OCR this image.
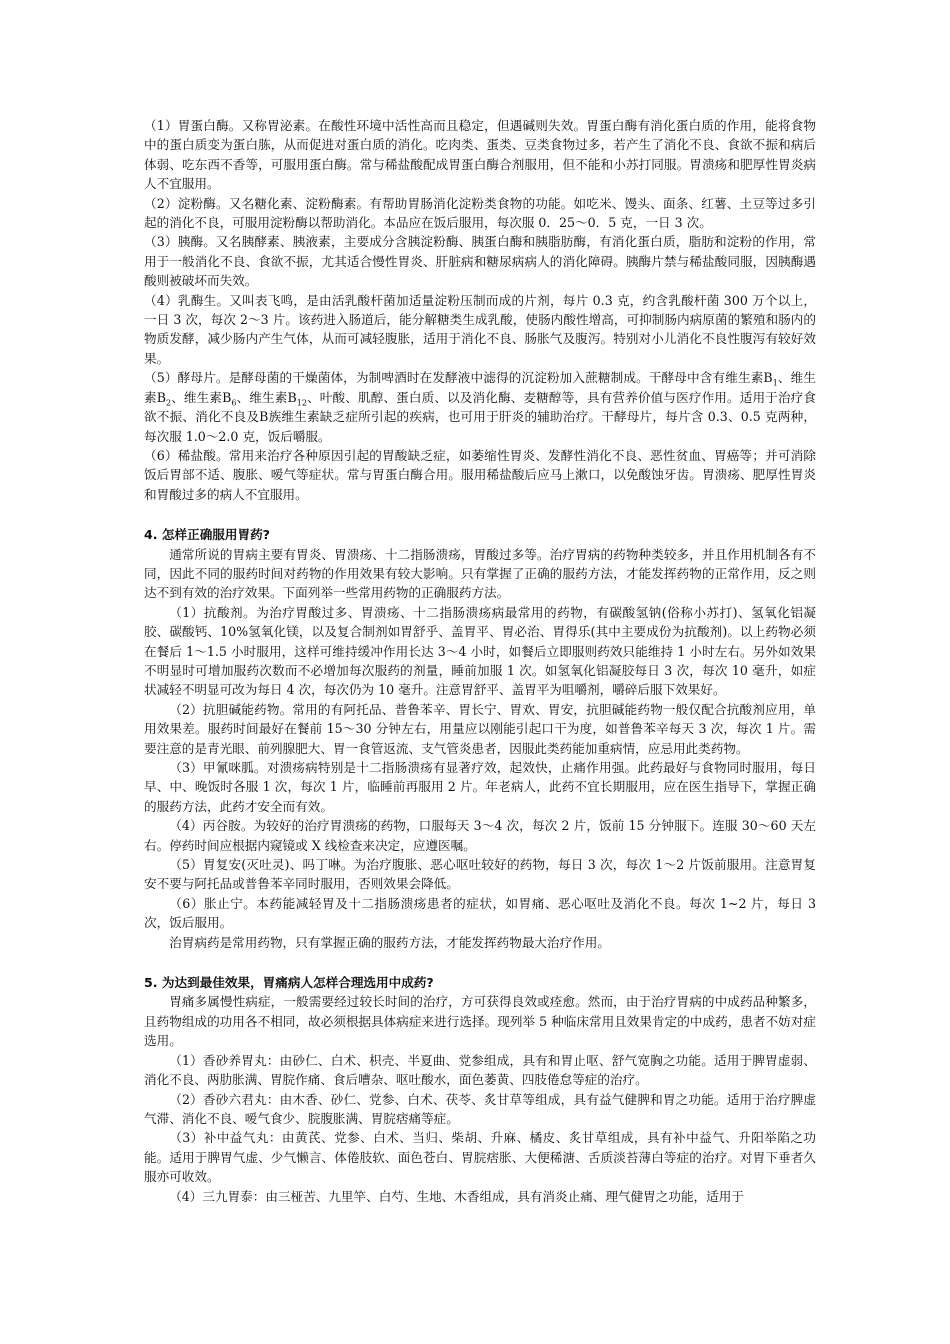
（1）胃蛋白酶。又称胃泌素。在酸性环境中活性高而且稳定，但遇碱则失效。胃蛋白酶有消化蛋白质的作用，能将食物中的蛋白质变为蛋白胨，从而促进对蛋白质的消化。吃肉类、蛋类、豆类食物过多，若产生了消化不良、食欲不振和病后体弱、吃东西不香等，可服用蛋白酶。常与稀盐酸配成胃蛋白酶合剂服用，但不能和小苏打同服。胃溃疡和肥厚性胃炎病人不宜服用。

（2）淀粉酶。又名糖化素、淀粉酶素。有帮助胃肠消化淀粉类食物的功能。如吃米、馒头、面条、红薯、土豆等过多引起的消化不良，可服用淀粉酶以帮助消化。本品应在饭后服用，每次服 0．25～0．5 克，一日 3 次。

（3）胰酶。又名胰酵素、胰液素，主要成分含胰淀粉酶、胰蛋白酶和胰脂肪酶，有消化蛋白质，脂肪和淀粉的作用，常用于一般消化不良、食欲不振，尤其适合慢性胃炎、肝脏病和糖尿病病人的消化障碍。胰酶片禁与稀盐酸同服，因胰酶遇酸则被破坏而失效。

（4）乳酶生。又叫表飞鸣，是由活乳酸杆菌加适量淀粉压制而成的片剂，每片 0.3 克，约含乳酸杆菌 300 万个以上，一日 3 次，每次 2～3 片。该药进入肠道后，能分解糖类生成乳酸，使肠内酸性增高，可抑制肠内病原菌的繁殖和肠内的物质发酵，减少肠内产生气体，从而可减轻腹胀，适用于消化不良、肠胀气及腹泻。特别对小儿消化不良性腹泻有较好效果。

（5）酵母片。是酵母菌的干燥菌体，为制啤酒时在发酵液中滤得的沉淀粉加入蔗糖制成。干酵母中含有维生素$B_1$、维生素$B_2$、维生素$B_6$、维生素$B_{12}$、叶酸、肌醇、蛋白质、以及消化酶、麦糖醇等，具有营养价值与医疗作用。适用于治疗食欲不振、消化不良及B族维生素缺乏症所引起的疾病，也可用于肝炎的辅助治疗。干酵母片，每片含 0.3、0.5 克两种，每次服 1.0～2.0 克，饭后嚼服。

（6）稀盐酸。常用来治疗各种原因引起的胃酸缺乏症，如萎缩性胃炎、发酵性消化不良、恶性贫血、胃癌等；并可消除饭后胃部不适、腹胀、嗳气等症状。常与胃蛋白酶合用。服用稀盐酸后应马上漱口，以免酸蚀牙齿。胃溃疡、肥厚性胃炎和胃酸过多的病人不宜服用。

4. 怎样正确服用胃药?

通常所说的胃病主要有胃炎、胃溃疡、十二指肠溃疡，胃酸过多等。治疗胃病的药物种类较多，并且作用机制各有不同，因此不同的服药时间对药物的作用效果有较大影响。只有掌握了正确的服药方法，才能发挥药物的正常作用，反之则达不到有效的治疗效果。下面列举一些常用药物的正确服药方法。

（1）抗酸剂。为治疗胃酸过多、胃溃疡、十二指肠溃疡病最常用的药物，有碳酸氢钠(俗称小苏打)、氢氧化铝凝胶、碳酸钙、10%氢氧化镁，以及复合制剂如胃舒乎、盖胃平、胃必治、胃得乐(其中主要成份为抗酸剂)。以上药物必须在餐后 1～1.5 小时服用，这样可维持缓冲作用长达 3～4 小时，如餐后立即服则药效只能维持 1 小时左右。另外如效果不明显时可增加服药次数而不必增加每次服药的剂量，睡前加服 1 次。如氢氧化铝凝胶每日 3 次，每次 10 毫升，如症状减轻不明显可改为每日 4 次，每次仍为 10 毫升。注意胃舒平、盖胃平为咀嚼剂，嚼碎后服下效果好。

（2）抗胆碱能药物。常用的有阿托品、普鲁苯辛、胃长宁、胃欢、胃安，抗胆碱能药物一般仅配合抗酸剂应用，单用效果差。服药时间最好在餐前 15～30 分钟左右，用量应以刚能引起口干为度，如普鲁苯辛每天 3 次，每次 1 片。需要注意的是青光眼、前列腺肥大、胃一食管返流、支气管炎患者，因服此类药能加重病情，应忌用此类药物。

（3）甲氰咪胍。对溃疡病特别是十二指肠溃疡有显著疗效，起效快，止痛作用强。此药最好与食物同时服用，每日早、中、晚饭时各服 1 次，每次 1 片，临睡前再服用 2 片。年老病人，此药不宜长期服用，应在医生指导下，掌握正确的服药方法，此药才安全而有效。

（4）丙谷胺。为较好的治疗胃溃疡的药物，口服每天 3～4 次，每次 2 片，饭前 15 分钟服下。连服 30～60 天左右。停药时间应根据内窥镜或 X 线检查来决定，应遵医嘱。

（5）胃复安(灭吐灵)、吗丁啉。为治疗腹胀、恶心呕吐较好的药物，每日 3 次，每次 1～2 片饭前服用。注意胃复安不要与阿托品或普鲁苯辛同时服用，否则效果会降低。

（6）胀止宁。本药能减轻胃及十二指肠溃疡患者的症状，如胃痛、恶心呕吐及消化不良。每次 1~2 片，每日 3 次，饭后服用。

治胃病药是常用药物，只有掌握正确的服药方法，才能发挥药物最大治疗作用。

5. 为达到最佳效果，胃痛病人怎样合理选用中成药?

胃痛多属慢性病症，一般需要经过较长时间的治疗，方可获得良效或痊愈。然而，由于治疗胃病的中成药品种繁多，且药物组成的功用各不相同，故必须根据具体病症来进行选择。现列举 5 种临床常用且效果肯定的中成药，患者不妨对症选用。

（1）香砂养胃丸：由砂仁、白术、枳壳、半夏曲、党参组成，具有和胃止呕、舒气宽胸之功能。适用于脾胃虚弱、消化不良、两肋胀满、胃脘作痛、食后嘈杂、呕吐酸水，面色萎黄、四肢倦怠等症的治疗。

（2）香砂六君丸：由木香、砂仁、党参、白术、茯苓、炙甘草等组成，具有益气健脾和胃之功能。适用于治疗脾虚气滞、消化不良、嗳气食少、脘腹胀满、胃脘痞痛等症。

（3）补中益气丸：由黄芪、党参、白术、当归、柴胡、升麻、橘皮、炙甘草组成，具有补中益气、升阳举陷之功能。适用于脾胃气虚、少气懒言、体倦肢软、面色苍白、胃脘痞胀、大便稀溏、舌质淡苔薄白等症的治疗。对胃下垂者久服亦可收效。

（4）三九胃泰：由三桠苦、九里竿、白芍、生地、木香组成，具有消炎止痛、理气健胃之功能，适用于
